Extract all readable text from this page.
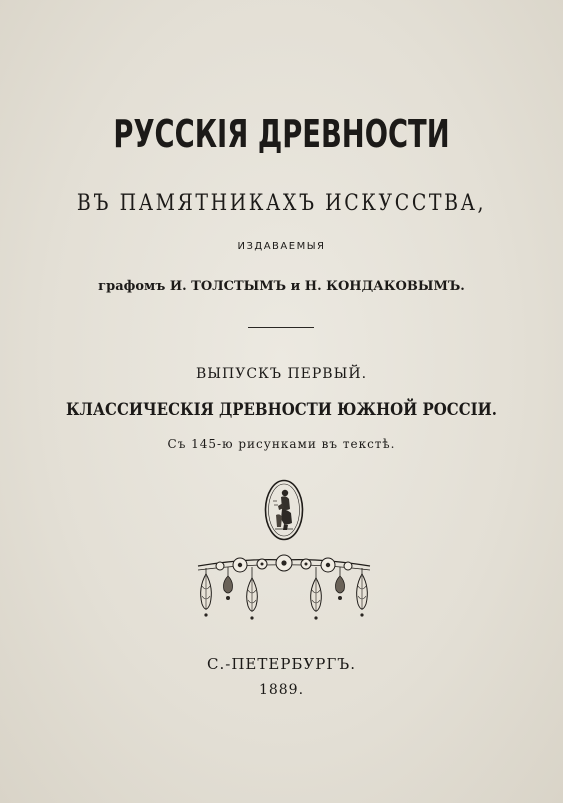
РУССКІЯ ДРЕВНОСТИ
ВЪ ПАМЯТНИКАХЪ ИСКУССТВА,
ИЗДАВАЕМЫЯ
графомъ И. ТОЛСТЫМЪ и Н. КОНДАКОВЫМЪ.
ВЫПУСКЪ ПЕРВЫЙ.
КЛАССИЧЕСКІЯ ДРЕВНОСТИ ЮЖНОЙ РОССІИ.
Съ 145-ю рисунками въ текстѣ.
С.-ПЕТЕРБУРГЪ.
1889.
